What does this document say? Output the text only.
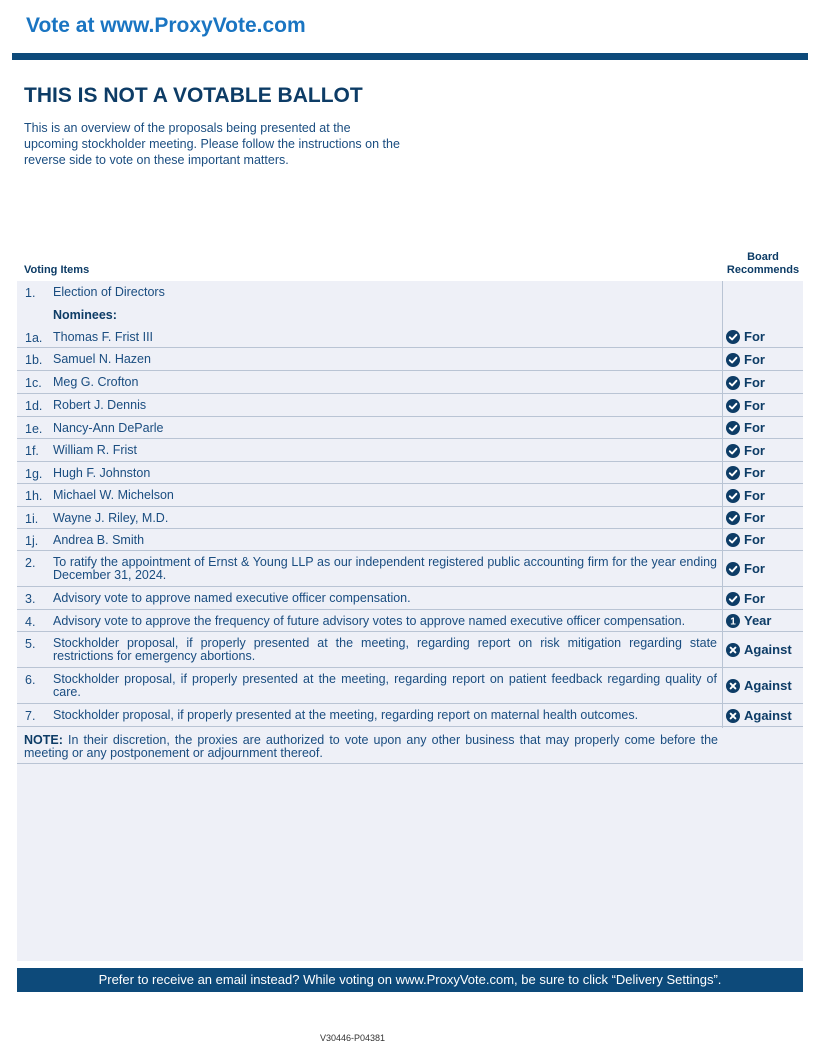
Vote at www.ProxyVote.com
THIS IS NOT A VOTABLE BALLOT
This is an overview of the proposals being presented at the upcoming stockholder meeting. Please follow the instructions on the reverse side to vote on these important matters.
Voting Items
Board
Recommends
1. Election of Directors
Nominees:
1a. Thomas F. Frist III	For
1b. Samuel N. Hazen	For
1c. Meg G. Crofton	For
1d. Robert J. Dennis	For
1e. Nancy-Ann DeParle	For
1f. William R. Frist	For
1g. Hugh F. Johnston	For
1h. Michael W. Michelson	For
1i. Wayne J. Riley, M.D.	For
1j. Andrea B. Smith	For
2. To ratify the appointment of Ernst & Young LLP as our independent registered public accounting firm for the year ending December 31, 2024.	For
3. Advisory vote to approve named executive officer compensation.	For
4. Advisory vote to approve the frequency of future advisory votes to approve named executive officer compensation.	1 Year
5. Stockholder proposal, if properly presented at the meeting, regarding report on risk mitigation regarding state restrictions for emergency abortions.	Against
6. Stockholder proposal, if properly presented at the meeting, regarding report on patient feedback regarding quality of care.	Against
7. Stockholder proposal, if properly presented at the meeting, regarding report on maternal health outcomes.	Against
NOTE: In their discretion, the proxies are authorized to vote upon any other business that may properly come before the meeting or any postponement or adjournment thereof.
Prefer to receive an email instead? While voting on www.ProxyVote.com, be sure to click “Delivery Settings”.
V30446-P04381
